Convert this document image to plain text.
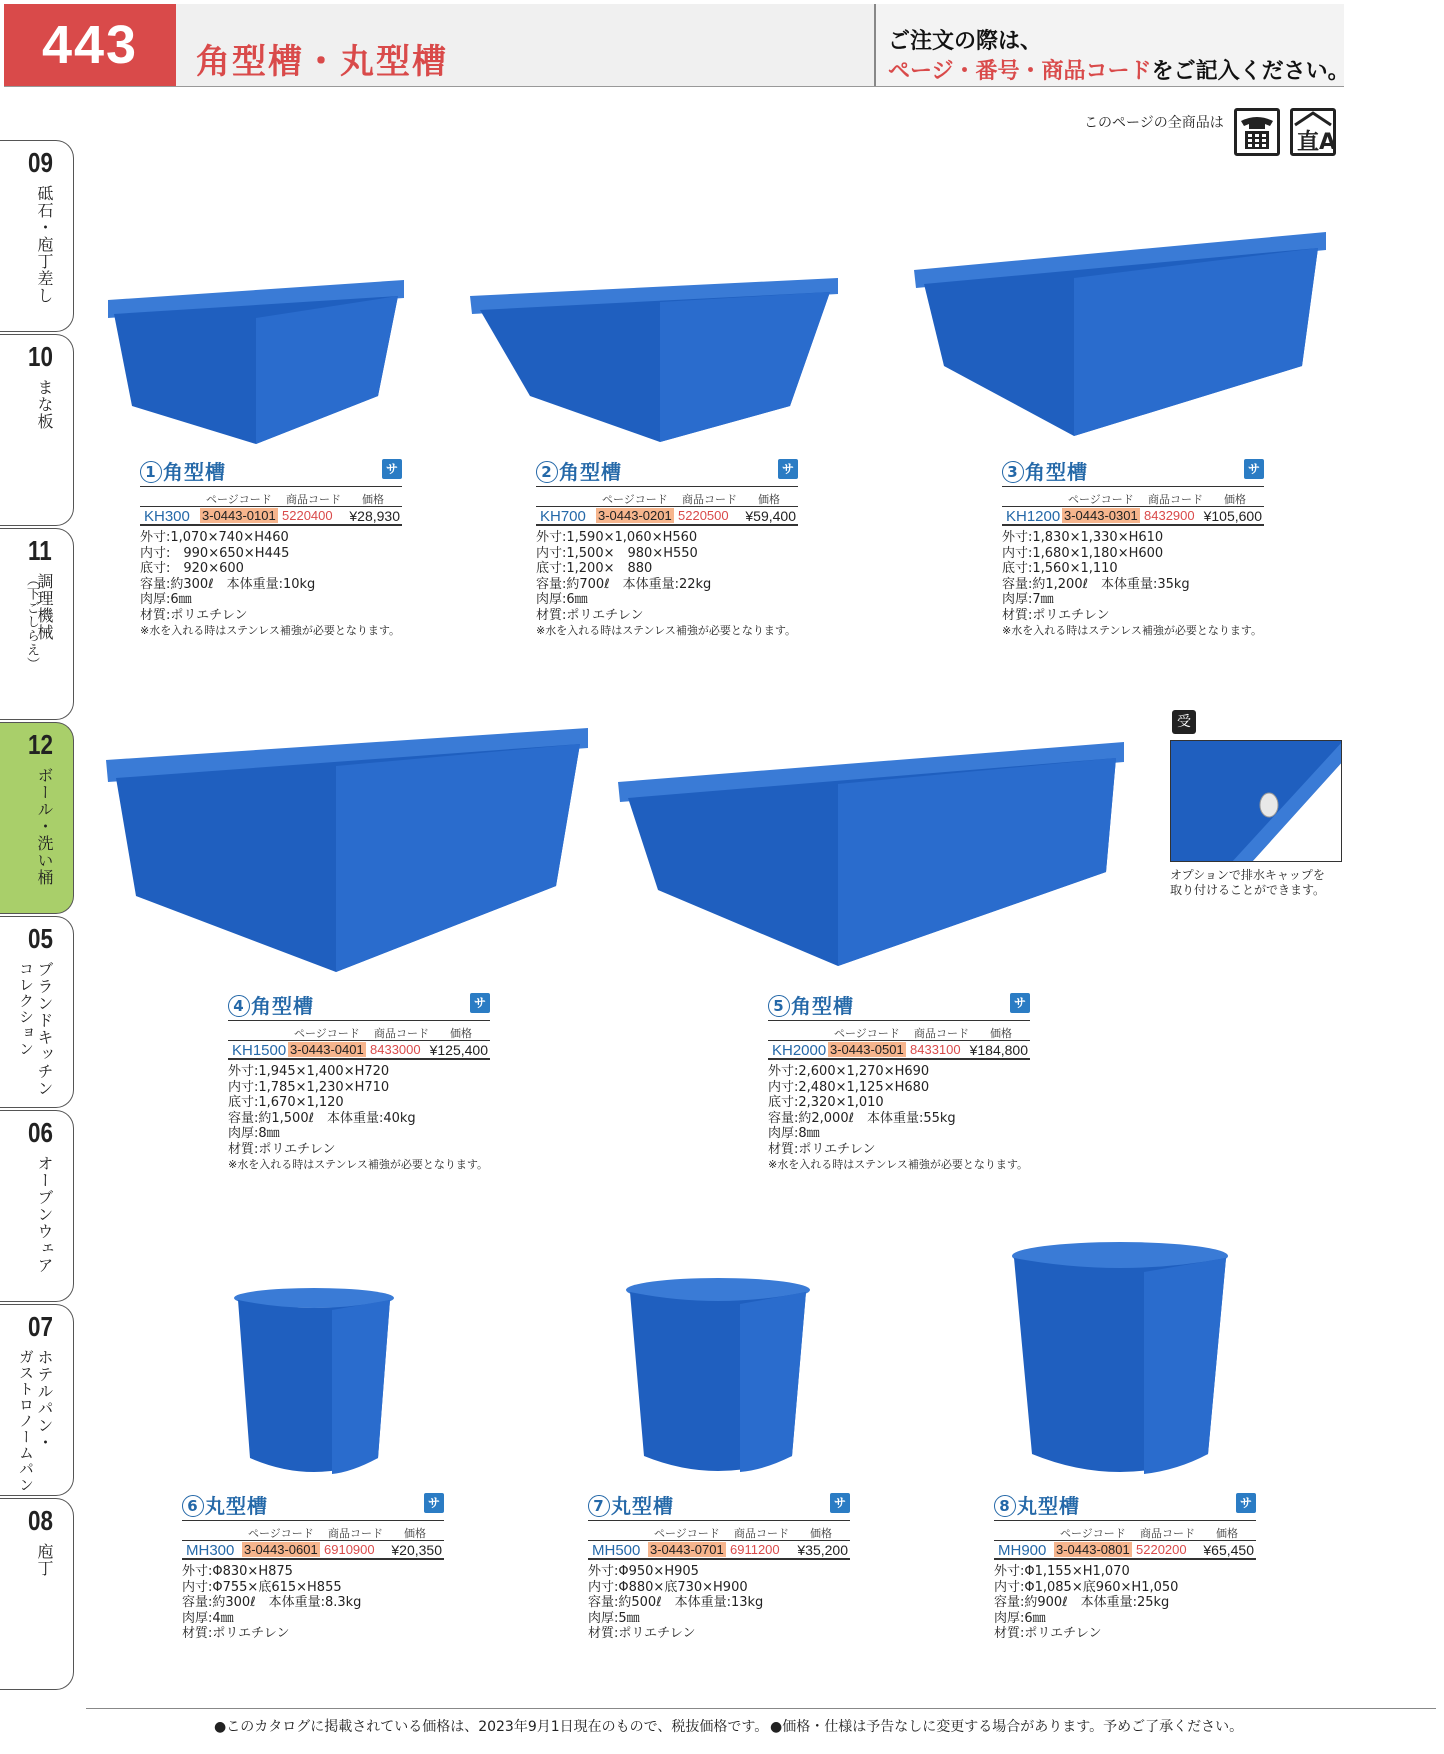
443	角型槽・丸型槽
ご注文の際は、
ページ・番号・商品コードをご記入ください。
このページの全商品は
直A
09
砥石・庖丁差し
10
まな板
11
調理機械
（下ごしらえ）
12
ボール・洗い桶
05
ブランドキッチン
コレクション
06
オーブンウェア
07
ホテルパン・
ガストロノームパン
08
庖丁
受
オプションで排水キャップを
取り付けることができます。
1 角型槽	サ4
ページコード 商品コード 価格
KH300 3-0443-0101 5220400 ¥28,930
外寸:1,070×740×H460
内寸:　990×650×H445
底寸:　920×600
容量:約300ℓ　本体重量:10kg
肉厚:6㎜
材質:ポリエチレン
※水を入れる時はステンレス補強が必要となります。
2 角型槽	サ4
ページコード 商品コード 価格
KH700 3-0443-0201 5220500 ¥59,400
外寸:1,590×1,060×H560
内寸:1,500×　980×H550
底寸:1,200×　880
容量:約700ℓ　本体重量:22kg
肉厚:6㎜
材質:ポリエチレン
※水を入れる時はステンレス補強が必要となります。
3 角型槽	サ4
ページコード 商品コード 価格
KH1200 3-0443-0301 8432900 ¥105,600
外寸:1,830×1,330×H610
内寸:1,680×1,180×H600
底寸:1,560×1,110
容量:約1,200ℓ　本体重量:35kg
肉厚:7㎜
材質:ポリエチレン
※水を入れる時はステンレス補強が必要となります。
4 角型槽	サ4
ページコード 商品コード 価格
KH1500 3-0443-0401 8433000 ¥125,400
外寸:1,945×1,400×H720
内寸:1,785×1,230×H710
底寸:1,670×1,120
容量:約1,500ℓ　本体重量:40kg
肉厚:8㎜
材質:ポリエチレン
※水を入れる時はステンレス補強が必要となります。
5 角型槽	サ4
ページコード 商品コード 価格
KH2000 3-0443-0501 8433100 ¥184,800
外寸:2,600×1,270×H690
内寸:2,480×1,125×H680
底寸:2,320×1,010
容量:約2,000ℓ　本体重量:55kg
肉厚:8㎜
材質:ポリエチレン
※水を入れる時はステンレス補強が必要となります。
6 丸型槽	サ4
ページコード 商品コード 価格
MH300 3-0443-0601 6910900 ¥20,350
外寸:Φ830×H875
内寸:Φ755×底615×H855
容量:約300ℓ　本体重量:8.3kg
肉厚:4㎜
材質:ポリエチレン
7 丸型槽	サ4
ページコード 商品コード 価格
MH500 3-0443-0701 6911200 ¥35,200
外寸:Φ950×H905
内寸:Φ880×底730×H900
容量:約500ℓ　本体重量:13kg
肉厚:5㎜
材質:ポリエチレン
8 丸型槽	サ4
ページコード 商品コード 価格
MH900 3-0443-0801 5220200 ¥65,450
外寸:Φ1,155×H1,070
内寸:Φ1,085×底960×H1,050
容量:約900ℓ　本体重量:25kg
肉厚:6㎜
材質:ポリエチレン
●このカタログに掲載されている価格は、2023年9月1日現在のもので、税抜価格です。 ●価格・仕様は予告なしに変更する場合があります。予めご了承ください。
